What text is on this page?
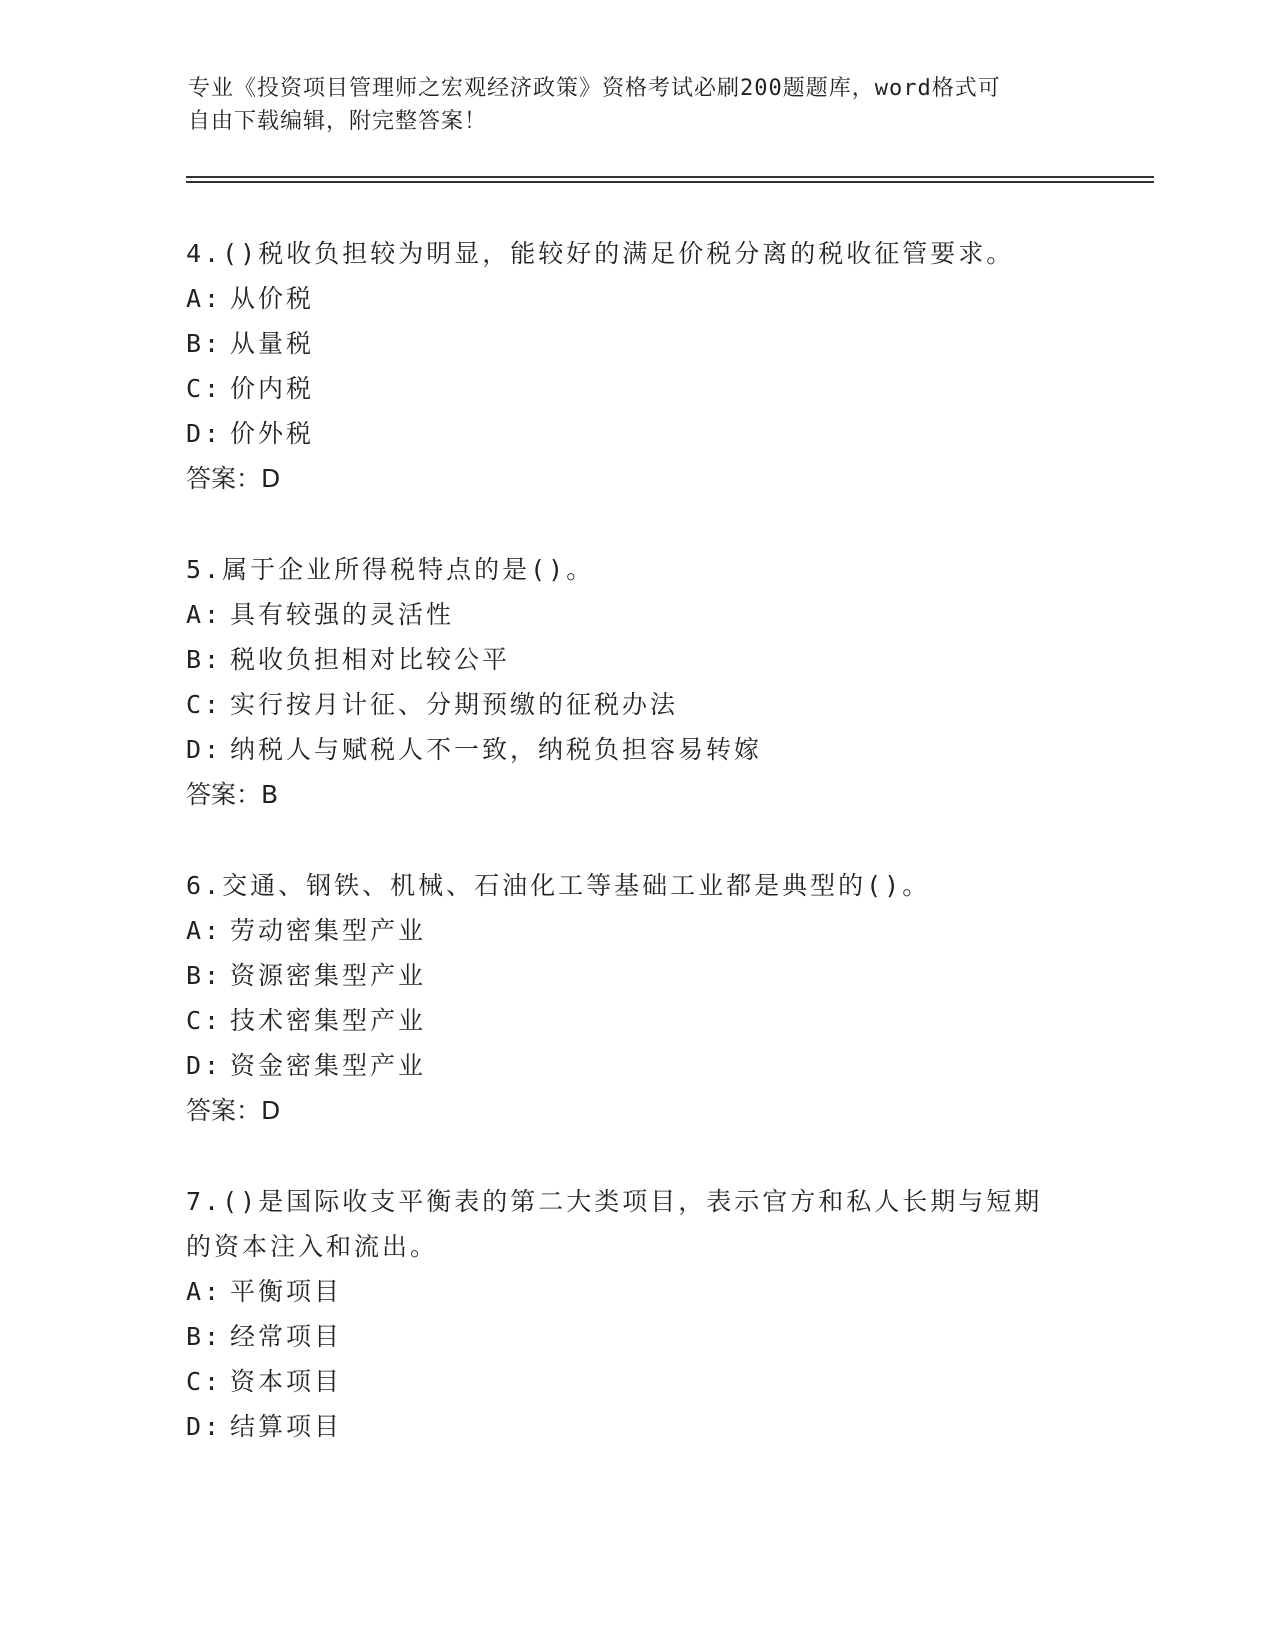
专业《投资项目管理师之宏观经济政策》资格考试必刷200题题库，word格式可
自由下载编辑，附完整答案！

4.()税收负担较为明显，能较好的满足价税分离的税收征管要求。

A: 从价税

B: 从量税

C: 价内税

D: 价外税

答案：D

5.属于企业所得税特点的是()。

A: 具有较强的灵活性

B: 税收负担相对比较公平

C: 实行按月计征、分期预缴的征税办法

D: 纳税人与赋税人不一致，纳税负担容易转嫁

答案：B

6.交通、钢铁、机械、石油化工等基础工业都是典型的()。

A: 劳动密集型产业

B: 资源密集型产业

C: 技术密集型产业

D: 资金密集型产业

答案：D

7.()是国际收支平衡表的第二大类项目，表示官方和私人长期与短期

的资本注入和流出。

A: 平衡项目

B: 经常项目

C: 资本项目

D: 结算项目
